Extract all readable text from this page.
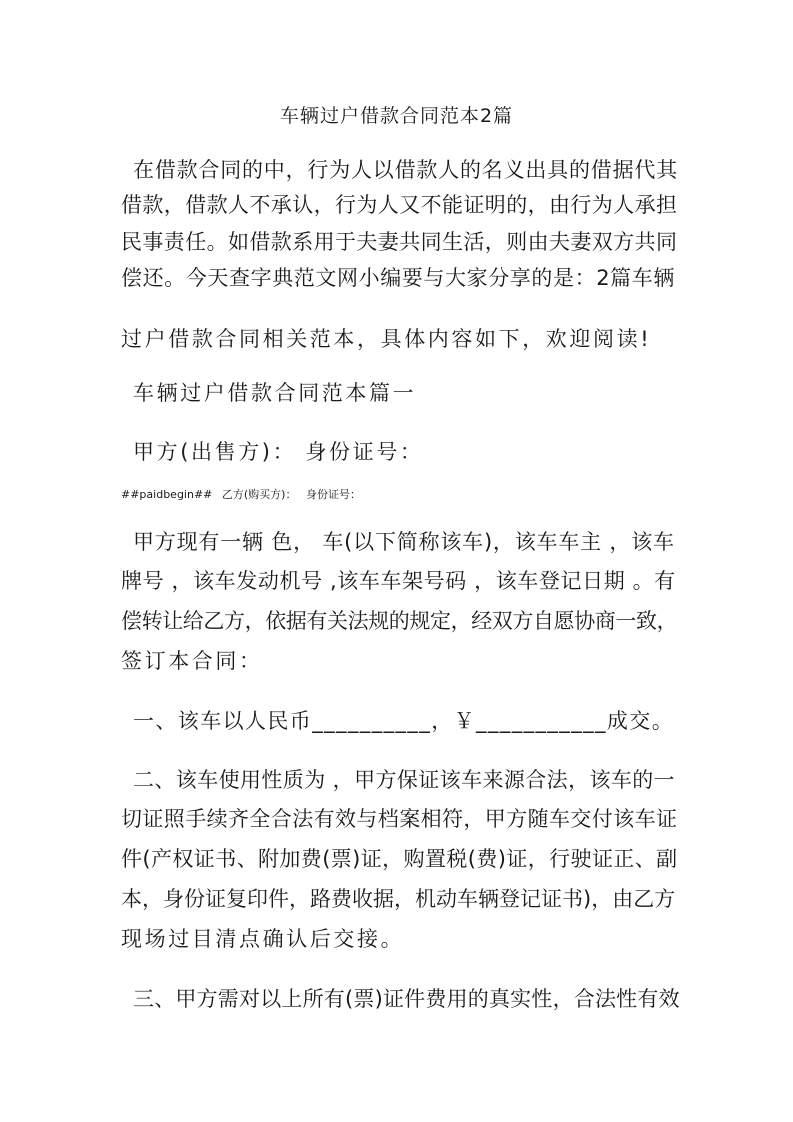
车辆过户借款合同范本2篇
在借款合同的中，行为人以借款人的名义出具的借据代其
借款，借款人不承认，行为人又不能证明的，由行为人承担
民事责任。如借款系用于夫妻共同生活，则由夫妻双方共同
偿还。今天查字典范文网小编要与大家分享的是：2篇车辆
过户借款合同相关范本，具体内容如下，欢迎阅读!
车辆过户借款合同范本篇一
甲方(出售方)： 身份证号：
##paidbegin## 乙方(购买方)： 身份证号：
甲方现有一辆 色， 车(以下简称该车)，该车车主 ，该车
牌号 ，该车发动机号 ,该车车架号码 ，该车登记日期 。有
偿转让给乙方，依据有关法规的规定，经双方自愿协商一致，
签订本合同：
一、该车以人民币__________，￥___________成交。
二、该车使用性质为 ，甲方保证该车来源合法，该车的一
切证照手续齐全合法有效与档案相符，甲方随车交付该车证
件(产权证书、附加费(票)证，购置税(费)证，行驶证正、副
本，身份证复印件，路费收据，机动车辆登记证书)，由乙方
现场过目清点确认后交接。
三、甲方需对以上所有(票)证件费用的真实性，合法性有效
